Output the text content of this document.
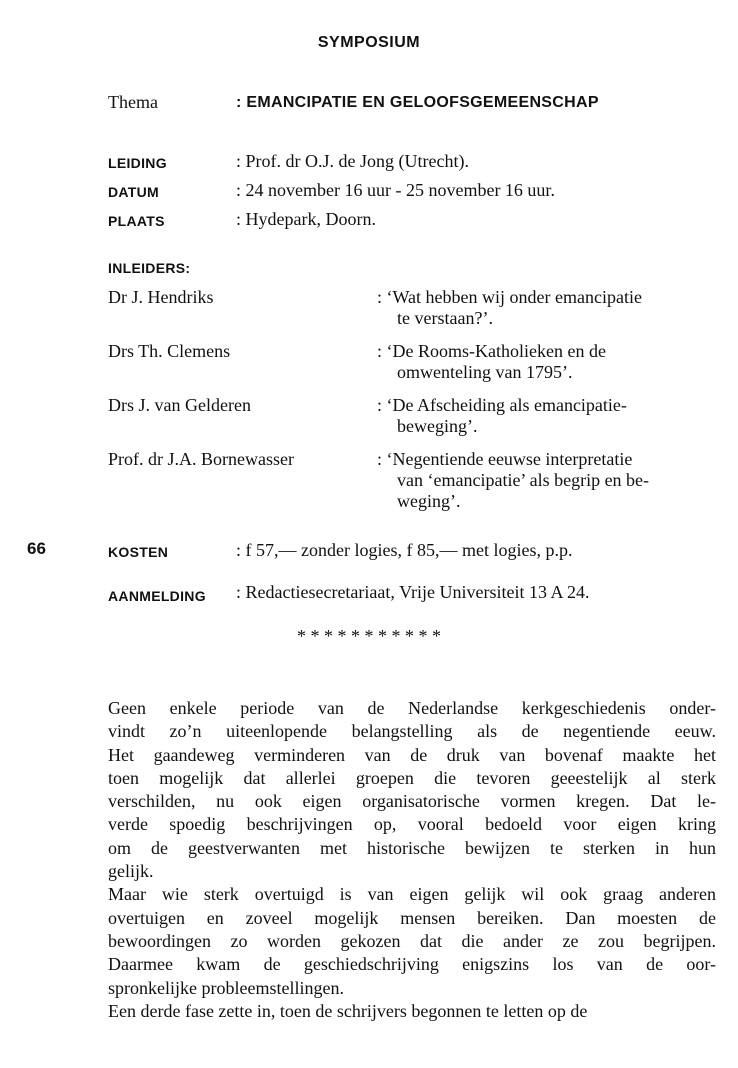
SYMPOSIUM
Thema	: EMANCIPATIE EN GELOOFSGEMEENSCHAP
LEIDING	: Prof. dr O.J. de Jong (Utrecht).
DATUM	: 24 november 16 uur - 25 november 16 uur.
PLAATS	: Hydepark, Doorn.
INLEIDERS:
Dr J. Hendriks	: ‘Wat hebben wij onder emancipatie
te verstaan?’.
Drs Th. Clemens	: ‘De Rooms-Katholieken en de
omwenteling van 1795’.
Drs J. van Gelderen	: ‘De Afscheiding als emancipatie-
beweging’.
Prof. dr J.A. Bornewasser	: ‘Negentiende eeuwse interpretatie
van ‘emancipatie’ als begrip en be-
weging’.
66	KOSTEN	: f 57,— zonder logies, f 85,— met logies, p.p.
AANMELDING : Redactiesecretariaat, Vrije Universiteit 13 A 24.
* * * * * * * * * * *

Geen enkele periode van de Nederlandse kerkgeschiedenis onder-

vindt zo’n uiteenlopende belangstelling als de negentiende eeuw.

Het gaandeweg verminderen van de druk van bovenaf maakte het

toen mogelijk dat allerlei groepen die tevoren geeestelijk al sterk

verschilden, nu ook eigen organisatorische vormen kregen. Dat le-

verde spoedig beschrijvingen op, vooral bedoeld voor eigen kring

om de geestverwanten met historische bewijzen te sterken in hun

gelijk.

Maar wie sterk overtuigd is van eigen gelijk wil ook graag anderen

overtuigen en zoveel mogelijk mensen bereiken. Dan moesten de

bewoordingen zo worden gekozen dat die ander ze zou begrijpen.

Daarmee kwam de geschiedschrijving enigszins los van de oor-

spronkelijke probleemstellingen.

Een derde fase zette in, toen de schrijvers begonnen te letten op de
